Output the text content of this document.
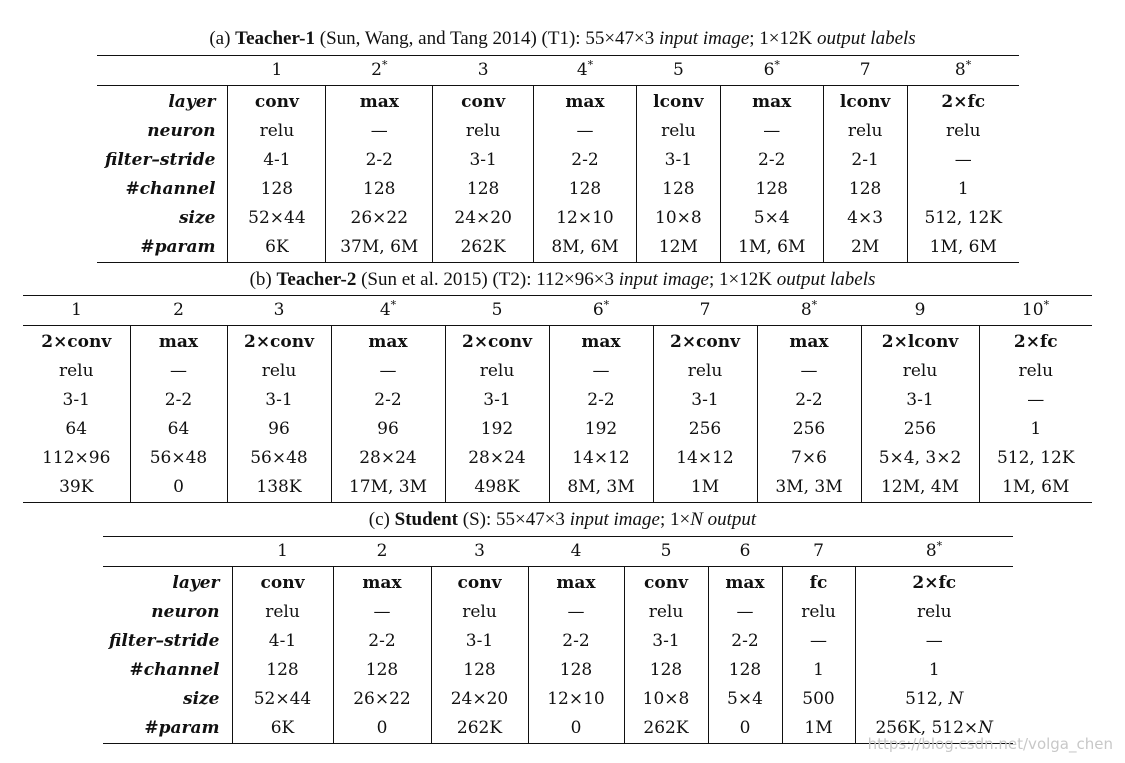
(a) Teacher-1 (Sun, Wang, and Tang 2014) (T1): 55×47×3 input image; 1×12K output labels
	1	2*	3	4*	5	6*	7	8*
layer	conv	max	conv	max	lconv	max	lconv	2×fc
neuron	relu	—	relu	—	relu	—	relu	relu
filter–stride	4-1	2-2	3-1	2-2	3-1	2-2	2-1	—
#channel	128	128	128	128	128	128	128	1
size	52×44	26×22	24×20	12×10	10×8	5×4	4×3	512, 12K
#param	6K	37M, 6M	262K	8M, 6M	12M	1M, 6M	2M	1M, 6M
(b) Teacher-2 (Sun et al. 2015) (T2): 112×96×3 input image; 1×12K output labels
1	2	3	4*	5	6*	7	8*	9	10*
2×conv	max	2×conv	max	2×conv	max	2×conv	max	2×lconv	2×fc
relu	—	relu	—	relu	—	relu	—	relu	relu
3-1	2-2	3-1	2-2	3-1	2-2	3-1	2-2	3-1	—
64	64	96	96	192	192	256	256	256	1
112×96	56×48	56×48	28×24	28×24	14×12	14×12	7×6	5×4, 3×2	512, 12K
39K	0	138K	17M, 3M	498K	8M, 3M	1M	3M, 3M	12M, 4M	1M, 6M
(c) Student (S): 55×47×3 input image; 1×N output
	1	2	3	4	5	6	7	8*
layer	conv	max	conv	max	conv	max	fc	2×fc
neuron	relu	—	relu	—	relu	—	relu	relu
filter–stride	4-1	2-2	3-1	2-2	3-1	2-2	—	—
#channel	128	128	128	128	128	128	1	1
size	52×44	26×22	24×20	12×10	10×8	5×4	500	512, N
#param	6K	0	262K	0	262K	0	1M	256K, 512×N
https://blog.csdn.net/volga_chen
